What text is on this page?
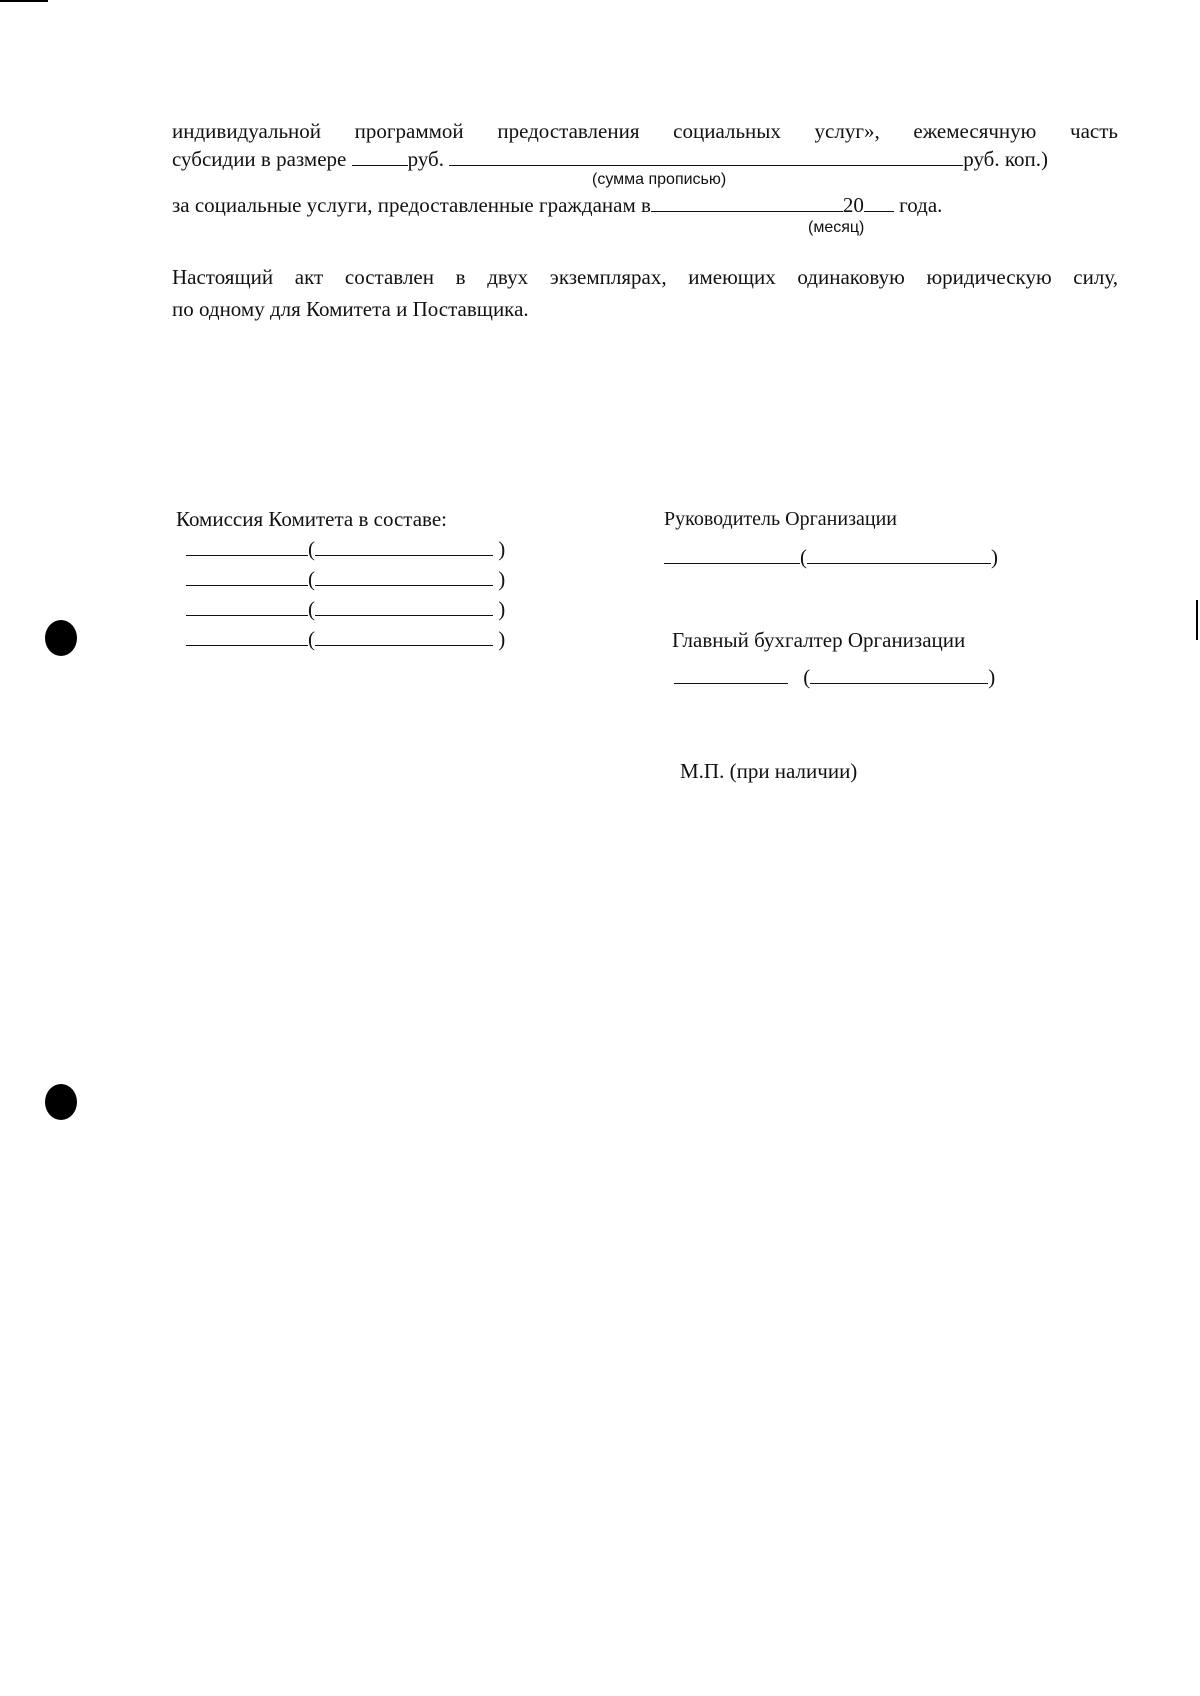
индивидуальной программой предоставления социальных услуг», ежемесячную часть
субсидии в размере	руб.	руб. коп.)
(сумма прописью)
за социальные услуги, предоставленные гражданам в	20 года.
(месяц)
Настоящий акт составлен в двух экземплярах, имеющих одинаковую юридическую силу,
по одному для Комитета и Поставщика.
Комиссия Комитета в составе:
(	)
(	)
(	)
(	)
Руководитель Организации
(	)
Главный бухгалтер Организации
(	)
М.П. (при наличии)
